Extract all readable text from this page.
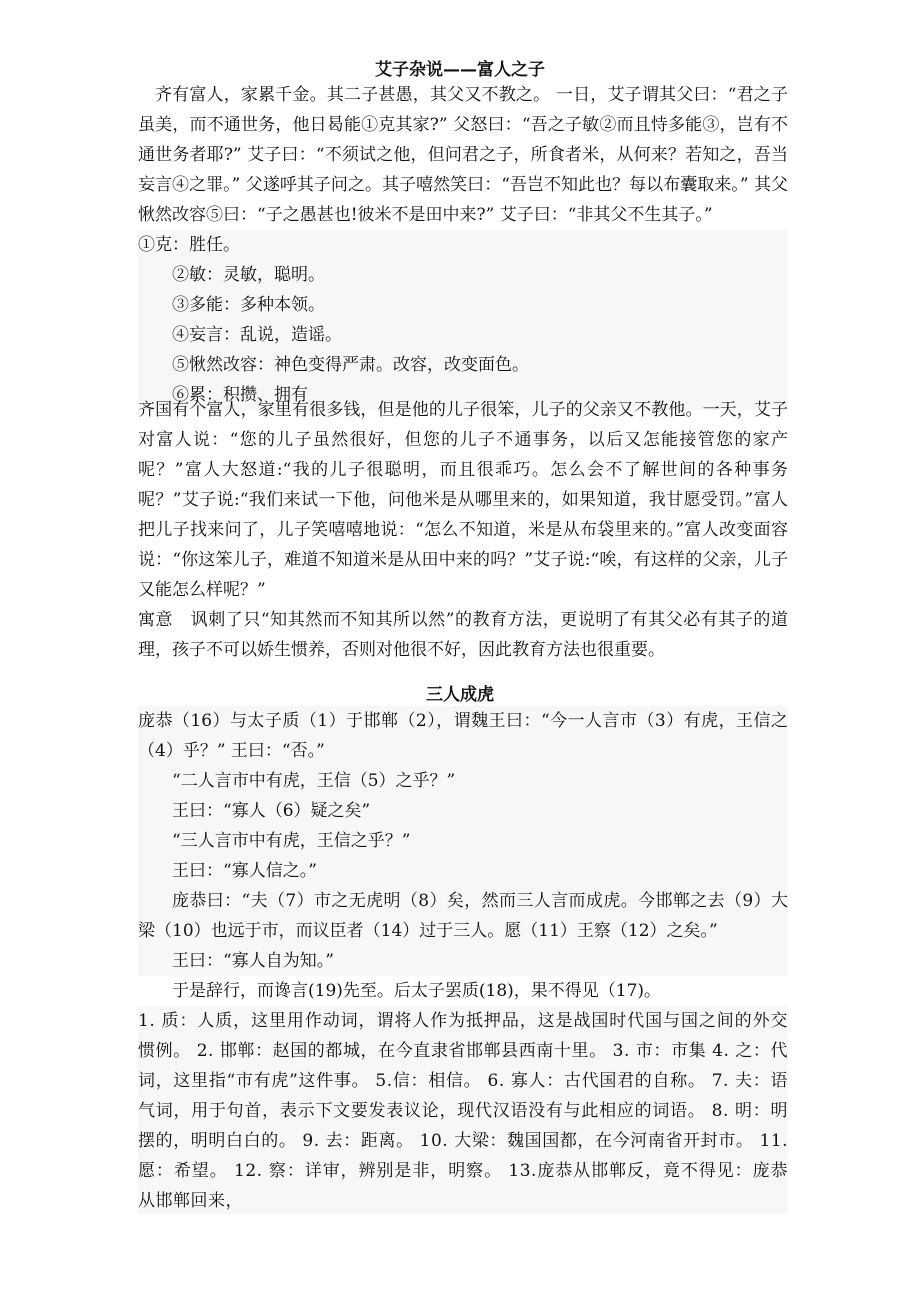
艾子杂说——富人之子

齐有富人，家累千金。其二子甚愚，其父又不教之。 一日，艾子谓其父曰：“君之子虽美，而不通世务，他日曷能①克其家?” 父怒曰：“吾之子敏②而且恃多能③，岂有不通世务者耶?” 艾子曰：“不须试之他，但问君之子，所食者米，从何来？若知之，吾当妄言④之罪。” 父遂呼其子问之。其子嘻然笑曰：“吾岂不知此也？每以布囊取来。” 其父愀然改容⑤曰：“子之愚甚也!彼米不是田中来?” 艾子曰：“非其父不生其子。”

①克：胜任。

②敏：灵敏，聪明。

③多能：多种本领。

④妄言：乱说，造谣。

⑤愀然改容：神色变得严肃。改容，改变面色。

⑥累：积攒、拥有

齐国有个富人，家里有很多钱，但是他的儿子很笨，儿子的父亲又不教他。一天，艾子对富人说：“您的儿子虽然很好，但您的儿子不通事务，以后又怎能接管您的家产呢？”富人大怒道:“我的儿子很聪明，而且很乖巧。怎么会不了解世间的各种事务呢？”艾子说:“我们来试一下他，问他米是从哪里来的，如果知道，我甘愿受罚。”富人把儿子找来问了，儿子笑嘻嘻地说：“怎么不知道，米是从布袋里来的。”富人改变面容说：“你这笨儿子，难道不知道米是从田中来的吗？”艾子说:“唉，有这样的父亲，儿子又能怎么样呢？”

寓意　讽刺了只“知其然而不知其所以然”的教育方法，更说明了有其父必有其子的道理，孩子不可以娇生惯养，否则对他很不好，因此教育方法也很重要。

三人成虎

庞恭（16）与太子质（1）于邯郸（2），谓魏王曰：“今一人言市（3）有虎，王信之（4）乎？” 王曰：“否。”

“二人言市中有虎，王信（5）之乎？”

王曰：“寡人（6）疑之矣”

“三人言市中有虎，王信之乎？”

王曰：“寡人信之。”

庞恭曰：“夫（7）市之无虎明（8）矣，然而三人言而成虎。今邯郸之去（9）大梁（10）也远于市，而议臣者（14）过于三人。愿（11）王察（12）之矣。”

王曰：“寡人自为知。”

于是辞行，而谗言(19)先至。后太子罢质(18)，果不得见（17)。

1. 质：人质，这里用作动词，谓将人作为抵押品，这是战国时代国与国之间的外交惯例。 2. 邯郸：赵国的都城，在今直隶省邯郸县西南十里。 3. 市：市集 4. 之：代词，这里指“市有虎”这件事。 5.信：相信。 6. 寡人：古代国君的自称。 7. 夫：语气词，用于句首，表示下文要发表议论，现代汉语没有与此相应的词语。 8. 明：明摆的，明明白白的。 9. 去：距离。 10. 大梁：魏国国都，在今河南省开封市。 11. 愿：希望。 12. 察：详审，辨别是非，明察。 13.庞恭从邯郸反，竟不得见：庞恭从邯郸回来，
